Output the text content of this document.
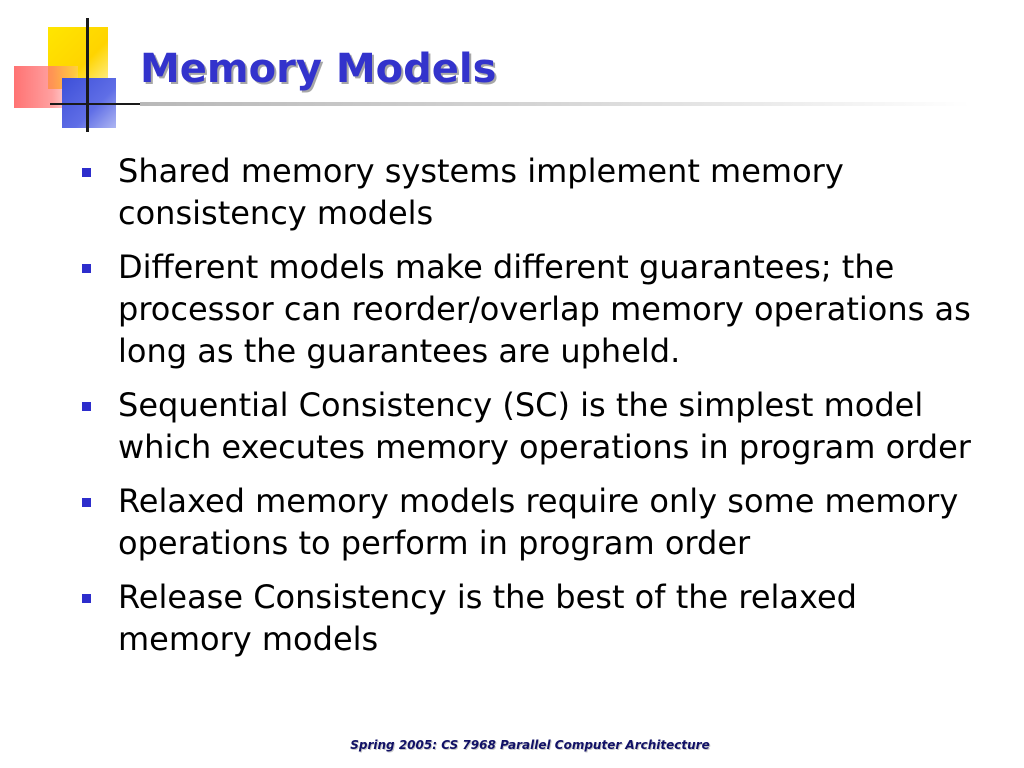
Memory Models
Shared memory systems implement memory consistency models
Different models make different guarantees; the processor can reorder/overlap memory operations as long as the guarantees are upheld.
Sequential Consistency (SC) is the simplest model which executes memory operations in program order
Relaxed memory models require only some memory operations to perform in program order
Release Consistency is the best of the relaxed memory models
Spring 2005: CS 7968 Parallel Computer Architecture
